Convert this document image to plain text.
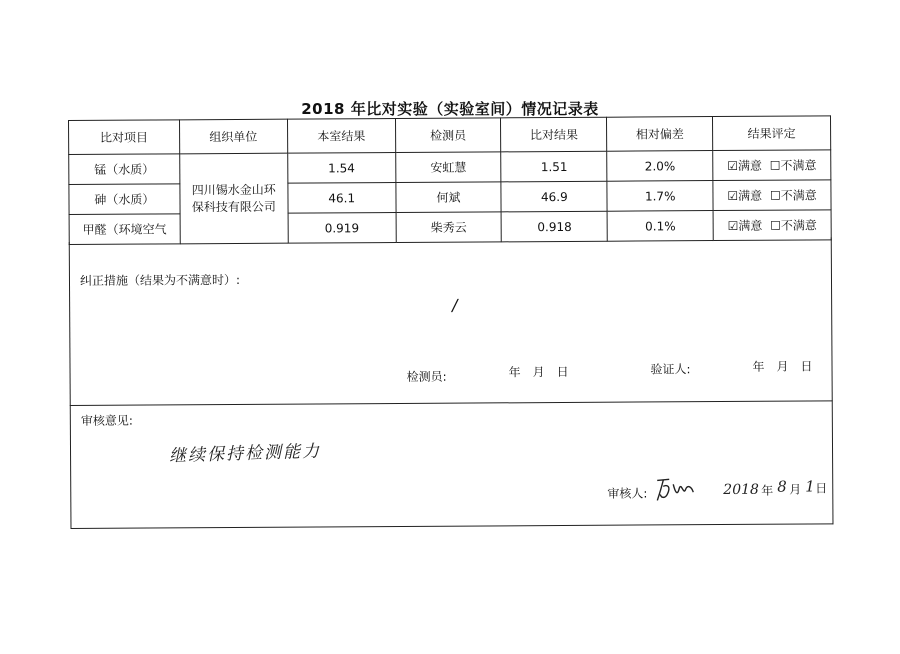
2018 年比对实验（实验室间）情况记录表
比对项目	组织单位	本室结果	检测员	比对结果	相对偏差	结果评定
锰（水质）	四川锡水金山环保科技有限公司	1.54	安虹慧	1.51	2.0%	☑满意 ☐不满意
砷（水质）		46.1	何斌	46.9	1.7%	☑满意 ☐不满意
甲醛（环境空气		0.919	柴秀云	0.918	0.1%	☑满意 ☐不满意
纠正措施（结果为不满意时）:
/
检测员:	年　月　日	验证人:	年　月　日
审核意见:
继续保持检测能力
审核人:	2018 年 8 月 1 日
